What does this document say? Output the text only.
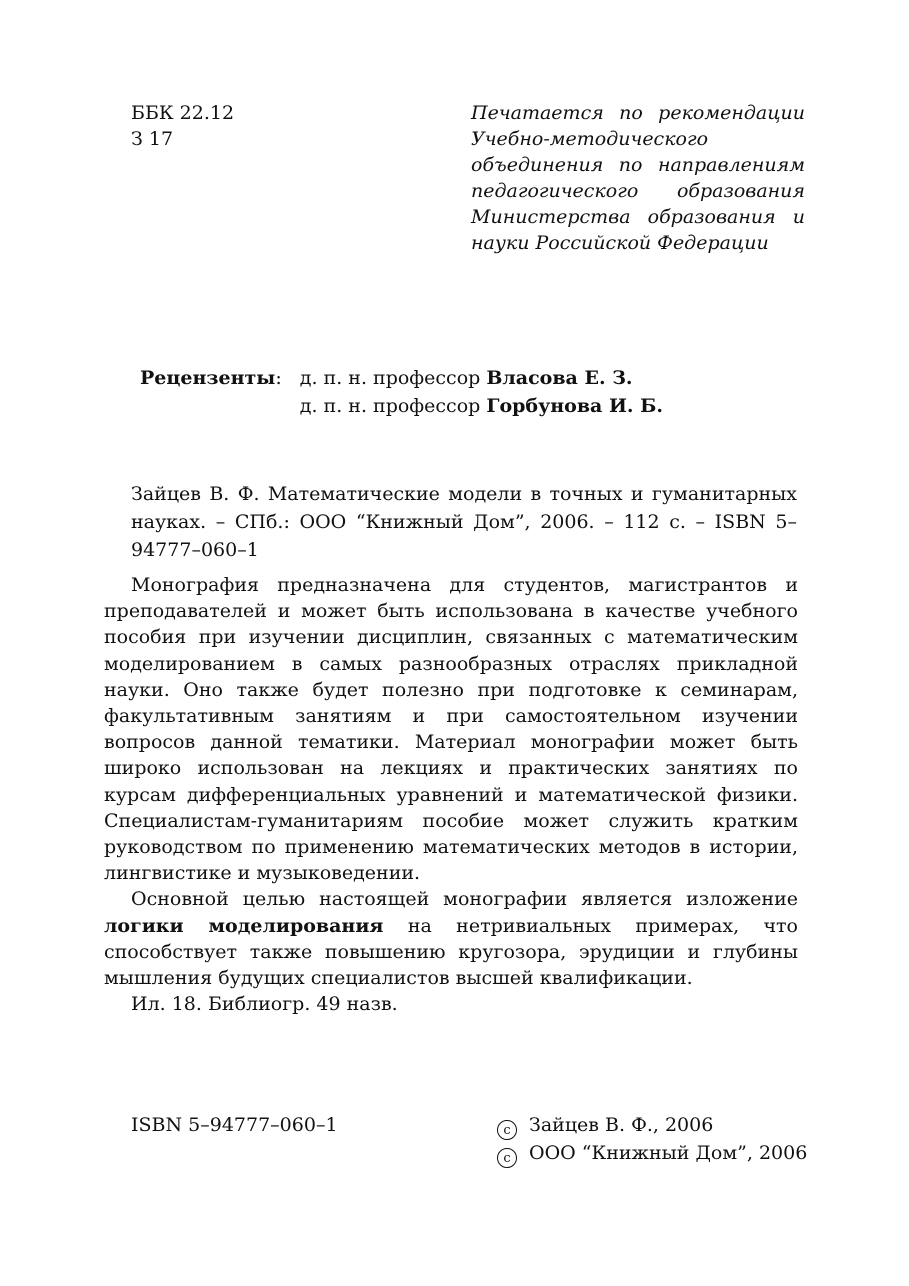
ББК 22.12
З 17

Печатается по рекомендации Учебно-методического объединения по направлениям педагогического образования Министерства образования и науки Российской Федерации

Рецензенты:		д. п. н. профессор Власова Е. З.
		д. п. н. профессор Горбунова И. Б.

Зайцев В. Ф. Математические модели в точных и гуманитарных науках. – СПб.: ООО “Книжный Дом”, 2006. – 112 с. – ISBN 5–94777–060–1

Монография предназначена для студентов, магистрантов и преподавателей и может быть использована в качестве учебного пособия при изучении дисциплин, связанных с математическим моделированием в самых разнообразных отраслях прикладной науки. Оно также будет полезно при подготовке к семинарам, факультативным занятиям и при самостоятельном изучении вопросов данной тематики. Материал монографии может быть широко использован на лекциях и практических занятиях по курсам дифференциальных уравнений и математической физики. Специалистам-гуманитариям пособие может служить кратким руководством по применению математических методов в истории, лингвистике и музыковедении.

Основной целью настоящей монографии является изложение логики моделирования на нетривиальных примерах, что способствует также повышению кругозора, эрудиции и глубины мышления будущих специалистов высшей квалификации.

Ил. 18. Библиогр. 49 назв.

ISBN 5–94777–060–1	c Зайцев В. Ф., 2006
c ООО “Книжный Дом”, 2006
